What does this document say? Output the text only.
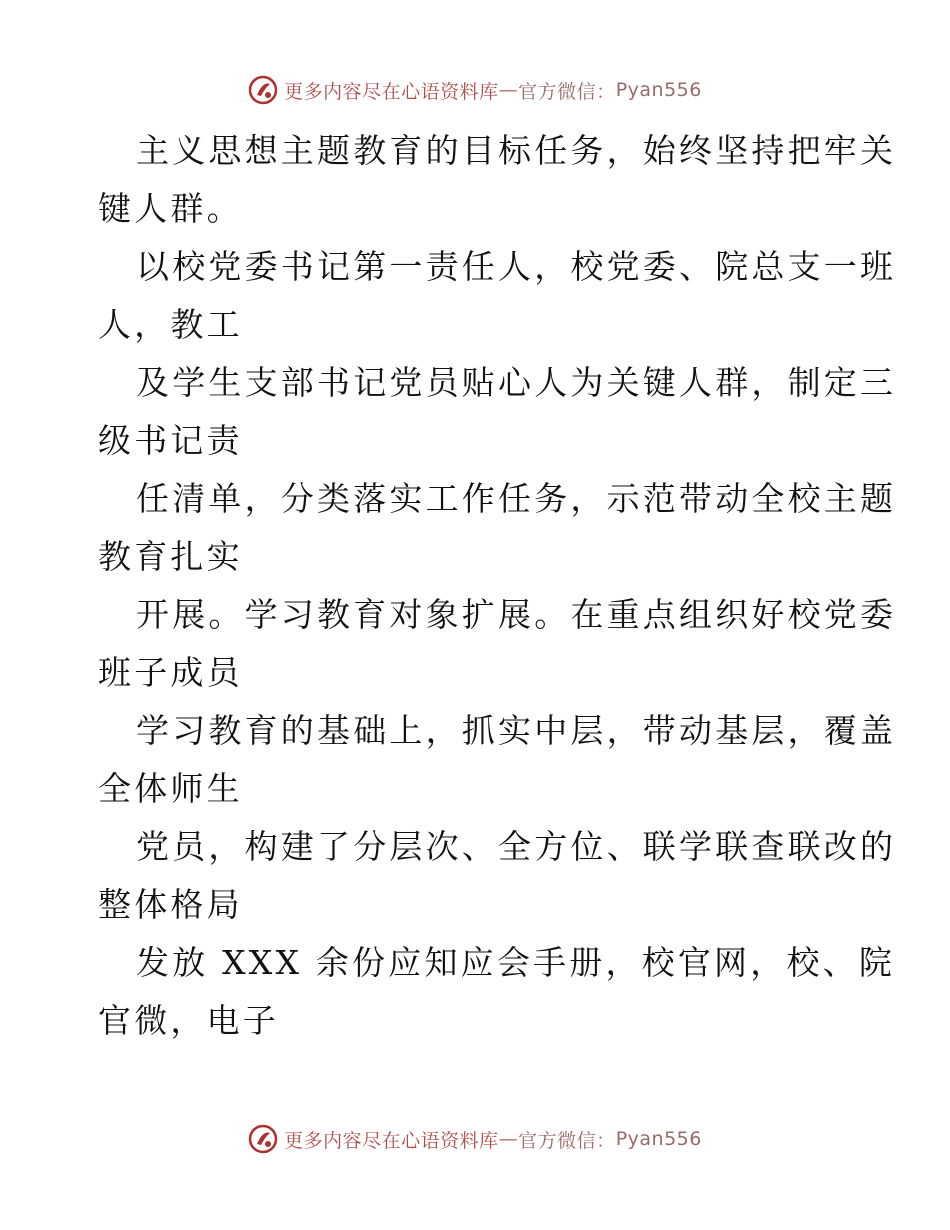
更多内容尽在心语资料库 — 官方微信： Pyan556

主义思想主题教育的目标任务，始终坚持把牢关
键人群。

以校党委书记第一责任人，校党委、院总支一班
人，教工

及学生支部书记党员贴心人为关键人群，制定三
级书记责

任清单，分类落实工作任务，示范带动全校主题
教育扎实

开展。学习教育对象扩展。在重点组织好校党委
班子成员

学习教育的基础上，抓实中层，带动基层，覆盖
全体师生

党员，构建了分层次、全方位、联学联查联改的
整体格局

发放 XXX 余份应知应会手册，校官网，校、院
官微，电子

更多内容尽在心语资料库 — 官方微信： Pyan556
